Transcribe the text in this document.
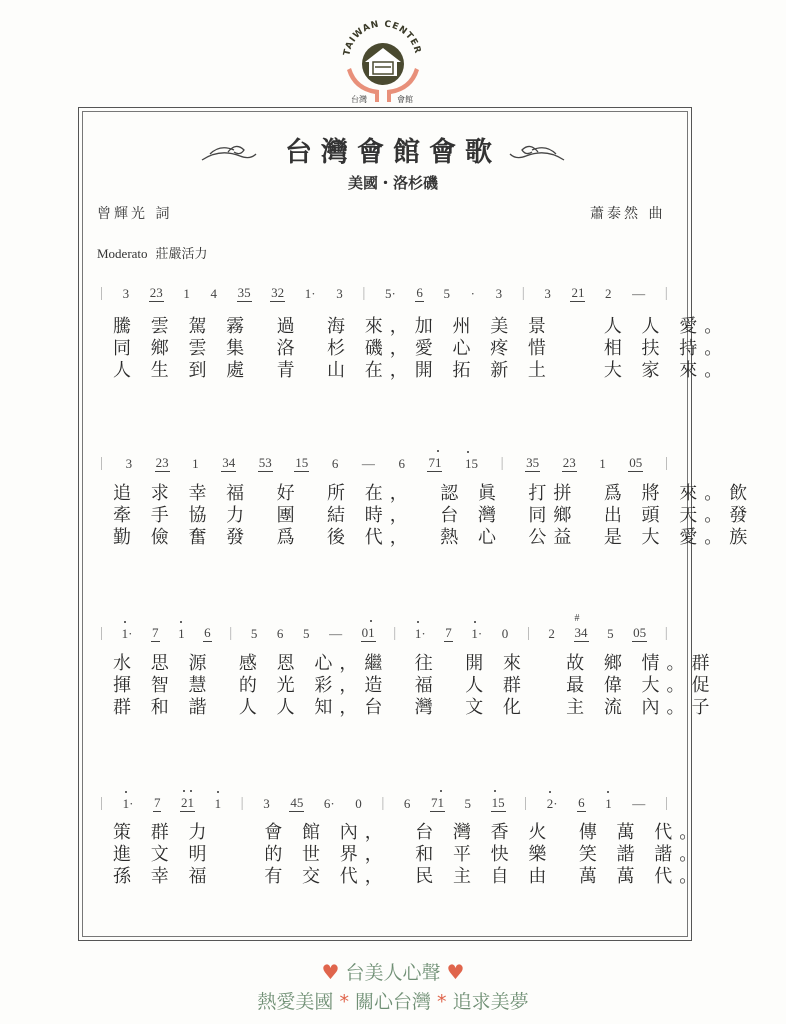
TAIWAN CENTER
台灣	會館
台灣會館會歌
美國・洛杉磯
曾輝光 詞	蕭泰然 曲
Moderato 莊嚴活力
| 3 23 1 4 35 32 1· 3 | 5· 6 5 · 3 | 3 21 2 — |
騰 雲 駕 霧  過  海 來，加 州 美 景    人 人 愛。
同 鄉 雲 集  洛  杉 磯，愛 心 疼 惜    相 扶 持。
人 生 到 處  青  山 在，開 拓 新 土    大 家 來。
| 3 23 1 34 53 15 6 — 6 71 15 | 35 23 1 05 |
追 求 幸 福  好  所 在，  認 眞  打拼  爲 將 來。飲
牽 手 協 力  團  結 時，  台 灣  同鄉  出 頭 天。發
勤 儉 奮 發  爲  後 代，  熱 心  公益  是 大 愛。族
| 1· 7 1 6 | 5 6 5 — 01 | 1· 7 1· 0 | 2 3 #4 5 05 |
水 思 源  感 恩 心，繼  往  開 來   故 鄉 情。群
揮 智 慧  的 光 彩，造  福  人 群   最 偉 大。促
群 和 諧  人 人 知，台  灣  文 化   主 流 內。子
| 1· 7 21 1 | 3 45 6· 0 | 6 71 5 15 | 2· 6 1 — |
策 群 力    會 館 內，  台 灣 香 火  傳 萬 代。
進 文 明    的 世 界，  和 平 快 樂  笑 諧 諧。
孫 幸 福    有 交 代，  民 主 自 由  萬 萬 代。
♥ 台美人心聲 ♥
熱愛美國 * 關心台灣 * 追求美夢
